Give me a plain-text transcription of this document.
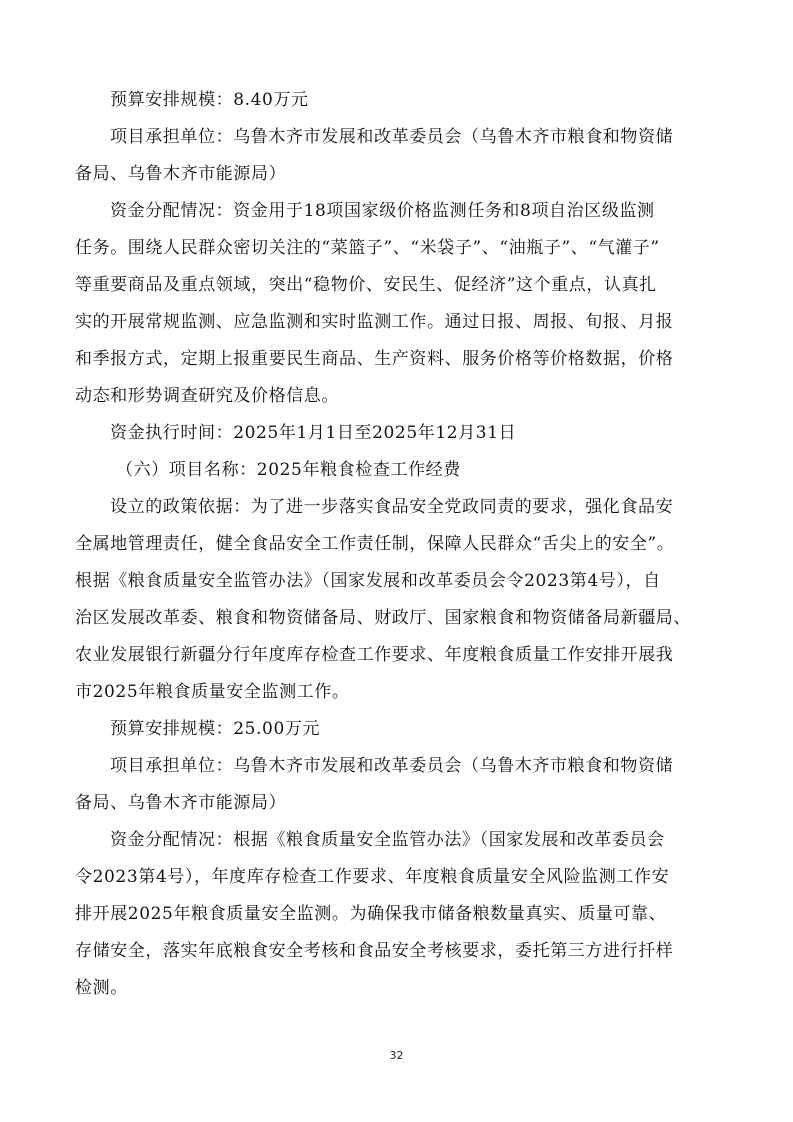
预算安排规模：8.40万元
项目承担单位：乌鲁木齐市发展和改革委员会（乌鲁木齐市粮食和物资储
备局、乌鲁木齐市能源局）
资金分配情况：资金用于18项国家级价格监测任务和8项自治区级监测
任务。围绕人民群众密切关注的“菜篮子”、“米袋子”、“油瓶子”、“气灌子”
等重要商品及重点领域，突出“稳物价、安民生、促经济”这个重点，认真扎
实的开展常规监测、应急监测和实时监测工作。通过日报、周报、旬报、月报
和季报方式，定期上报重要民生商品、生产资料、服务价格等价格数据，价格
动态和形势调查研究及价格信息。
资金执行时间：2025年1月1日至2025年12月31日
（六）项目名称：2025年粮食检查工作经费
设立的政策依据：为了进一步落实食品安全党政同责的要求，强化食品安
全属地管理责任，健全食品安全工作责任制，保障人民群众“舌尖上的安全”。
根据《粮食质量安全监管办法》（国家发展和改革委员会令2023第4号），自
治区发展改革委、粮食和物资储备局、财政厅、国家粮食和物资储备局新疆局、
农业发展银行新疆分行年度库存检查工作要求、年度粮食质量工作安排开展我
市2025年粮食质量安全监测工作。
预算安排规模：25.00万元
项目承担单位：乌鲁木齐市发展和改革委员会（乌鲁木齐市粮食和物资储
备局、乌鲁木齐市能源局）
资金分配情况：根据《粮食质量安全监管办法》（国家发展和改革委员会
令2023第4号），年度库存检查工作要求、年度粮食质量安全风险监测工作安
排开展2025年粮食质量安全监测。为确保我市储备粮数量真实、质量可靠、
存储安全，落实年底粮食安全考核和食品安全考核要求，委托第三方进行扦样
检测。
32
